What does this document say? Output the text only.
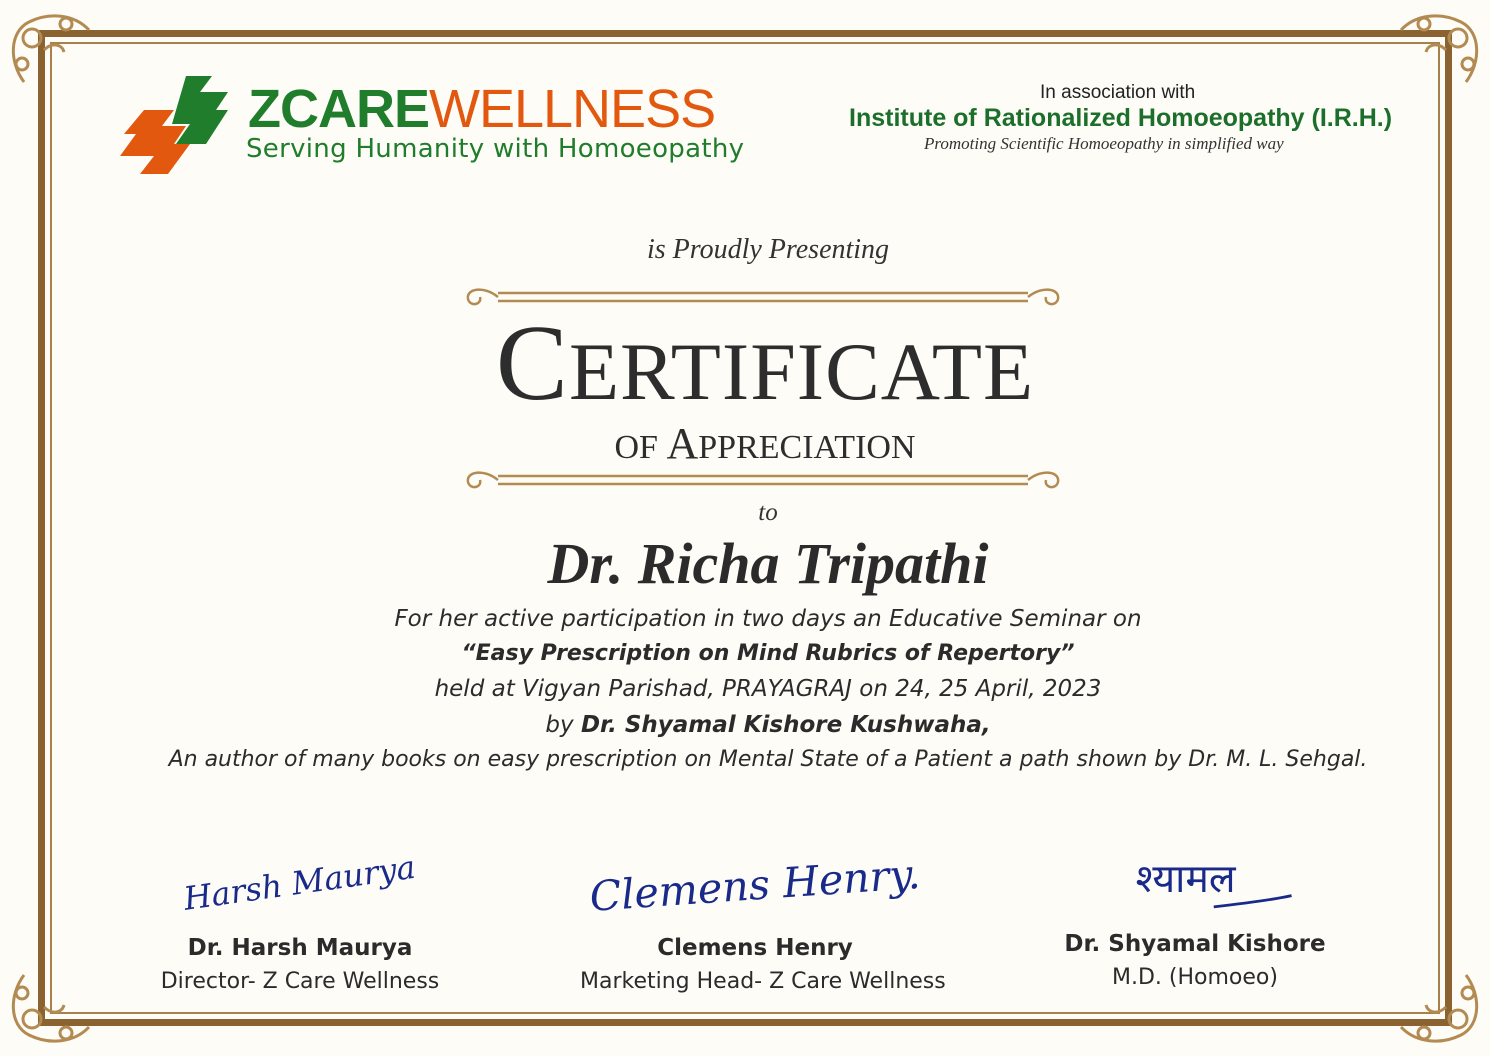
ZCAREWELLNESS
Serving Humanity with Homoeopathy
In association with
Institute of Rationalized Homoeopathy (I.R.H.)
Promoting Scientific Homoeopathy in simplified way
is Proudly Presenting
CERTIFICATE
OF APPRECIATION
to
Dr. Richa Tripathi
For her active participation in two days an Educative Seminar on
“Easy Prescription on Mind Rubrics of Repertory”
held at Vigyan Parishad, PRAYAGRAJ on 24, 25 April, 2023
by Dr. Shyamal Kishore Kushwaha,
An author of many books on easy prescription on Mental State of a Patient a path shown by Dr. M. L. Sehgal.
Harsh Maurya
Dr. Harsh Maurya
Director- Z Care Wellness
Clemens Henry.
Clemens Henry
Marketing Head- Z Care Wellness
श्यामल
Dr. Shyamal Kishore
M.D. (Homoeo)
